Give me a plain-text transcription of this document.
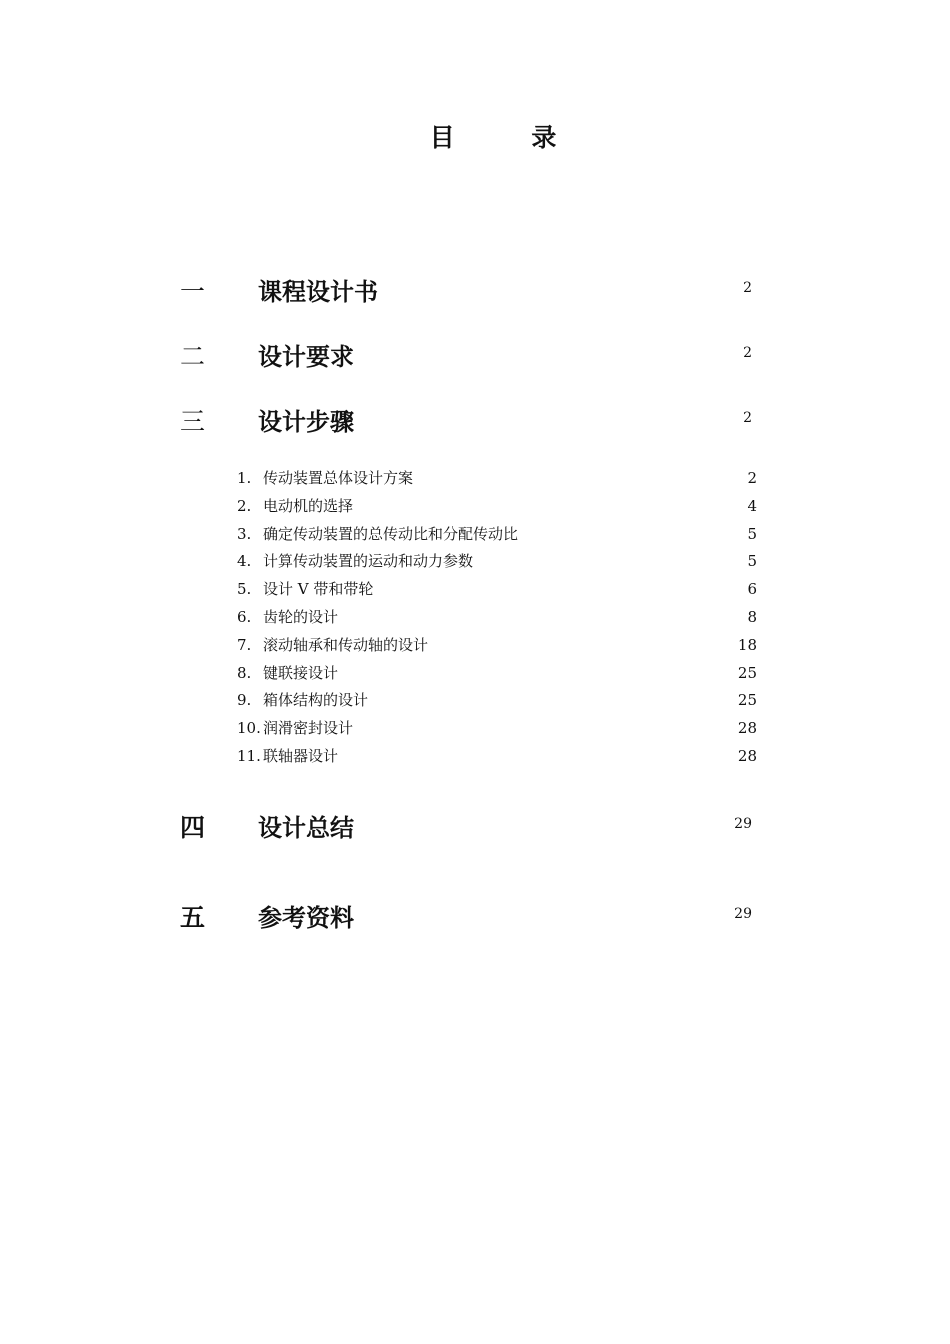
目 录
一 课程设计书	2
二 设计要求	2
三 设计步骤	2
1. 传动装置总体设计方案	2
2. 电动机的选择	4
3. 确定传动装置的总传动比和分配传动比	5
4. 计算传动装置的运动和动力参数	5
5. 设计 V 带和带轮	6
6. 齿轮的设计	8
7. 滚动轴承和传动轴的设计	18
8. 键联接设计	25
9. 箱体结构的设计	25
10. 润滑密封设计	28
11. 联轴器设计	28
四 设计总结	29
五 参考资料	29
